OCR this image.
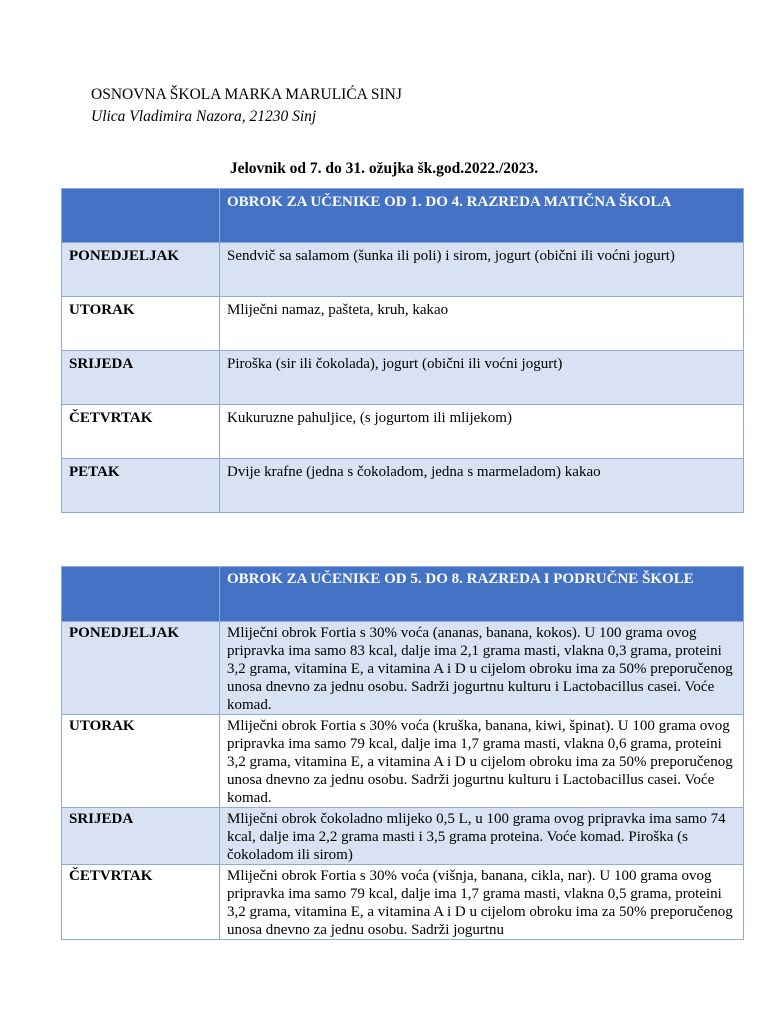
OSNOVNA ŠKOLA MARKA MARULIĆA SINJ
Ulica Vladimira Nazora, 21230 Sinj
Jelovnik od 7. do 31. ožujka šk.god.2022./2023.
	OBROK ZA UČENIKE OD 1. DO 4. RAZREDA MATIČNA ŠKOLA
PONEDJELJAK	Sendvič sa salamom (šunka ili poli) i sirom, jogurt (obični ili voćni jogurt)
UTORAK	Mliječni namaz, pašteta, kruh, kakao
SRIJEDA	Piroška (sir ili čokolada), jogurt (obični ili voćni jogurt)
ČETVRTAK	Kukuruzne pahuljice, (s jogurtom ili mlijekom)
PETAK	Dvije krafne (jedna s čokoladom, jedna s marmeladom) kakao
	OBROK ZA UČENIKE OD 5. DO 8. RAZREDA I PODRUČNE ŠKOLE
PONEDJELJAK	Mliječni obrok Fortia s 30% voća (ananas, banana, kokos). U 100 grama ovog pripravka ima samo 83 kcal, dalje ima 2,1 grama masti, vlakna 0,3 grama, proteini 3,2 grama, vitamina E, a vitamina A i D u cijelom obroku ima za 50% preporučenog unosa dnevno za jednu osobu. Sadrži jogurtnu kulturu i Lactobacillus casei. Voće komad.
UTORAK	Mliječni obrok Fortia s 30% voća (kruška, banana, kiwi, špinat). U 100 grama ovog pripravka ima samo 79 kcal, dalje ima 1,7 grama masti, vlakna 0,6 grama, proteini 3,2 grama, vitamina E, a vitamina A i D u cijelom obroku ima za 50% preporučenog unosa dnevno za jednu osobu. Sadrži jogurtnu kulturu i Lactobacillus casei. Voće komad.
SRIJEDA	Mliječni obrok čokoladno mlijeko 0,5 L, u 100 grama ovog pripravka ima samo 74 kcal, dalje ima 2,2 grama masti i 3,5 grama proteina. Voće komad. Piroška (s čokoladom ili sirom)
ČETVRTAK	Mliječni obrok Fortia s 30% voća (višnja, banana, cikla, nar). U 100 grama ovog pripravka ima samo 79 kcal, dalje ima 1,7 grama masti, vlakna 0,5 grama, proteini 3,2 grama, vitamina E, a vitamina A i D u cijelom obroku ima za 50% preporučenog unosa dnevno za jednu osobu. Sadrži jogurtnu
